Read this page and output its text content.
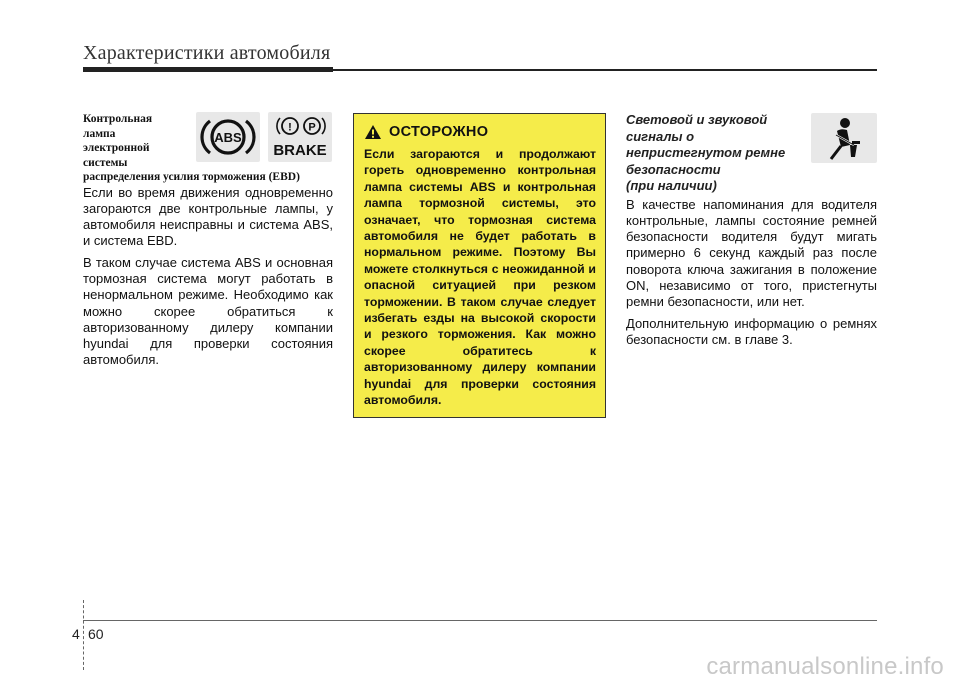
Характеристики автомобиля
Контрольная
лампа
электронной
системы
распределения усилия торможения (EBD)

Если во время движения одновременно загораются две контрольные лампы, у автомобиля неисправны и система ABS, и система EBD.

В таком случае система ABS и основная тормозная система могут работать в ненормальном режиме. Необходимо как можно скорее обратиться к авторизованному дилеру компании hyundai для проверки состояния автомобиля.

ABS
! P
BRAKE
ОСТОРОЖНО
Если загораются и продолжают гореть одновременно контрольная лампа системы ABS и контрольная лампа тормозной системы, это означает, что тормозная система автомобиля не будет работать в нормальном режиме. Поэтому Вы можете столкнуться с неожиданной и опасной ситуацией при резком торможении. В таком случае следует избегать езды на высокой скорости и резкого торможения. Как можно скорее обратитесь к авторизованному дилеру компании hyundai для проверки состояния автомобиля.
Световой и звуковой
сигналы о
непристегнутом ремне
безопасности
(при наличии)

В качестве напоминания для водителя контрольные, лампы состояние ремней безопасности водителя будут мигать примерно 6 секунд каждый раз после поворота ключа зажигания в положение ON, независимо от того, пристегнуты ремни безопасности, или нет.

Дополнительную информацию о ремнях безопасности см. в главе 3.

4 60
carmanualsonline.info
